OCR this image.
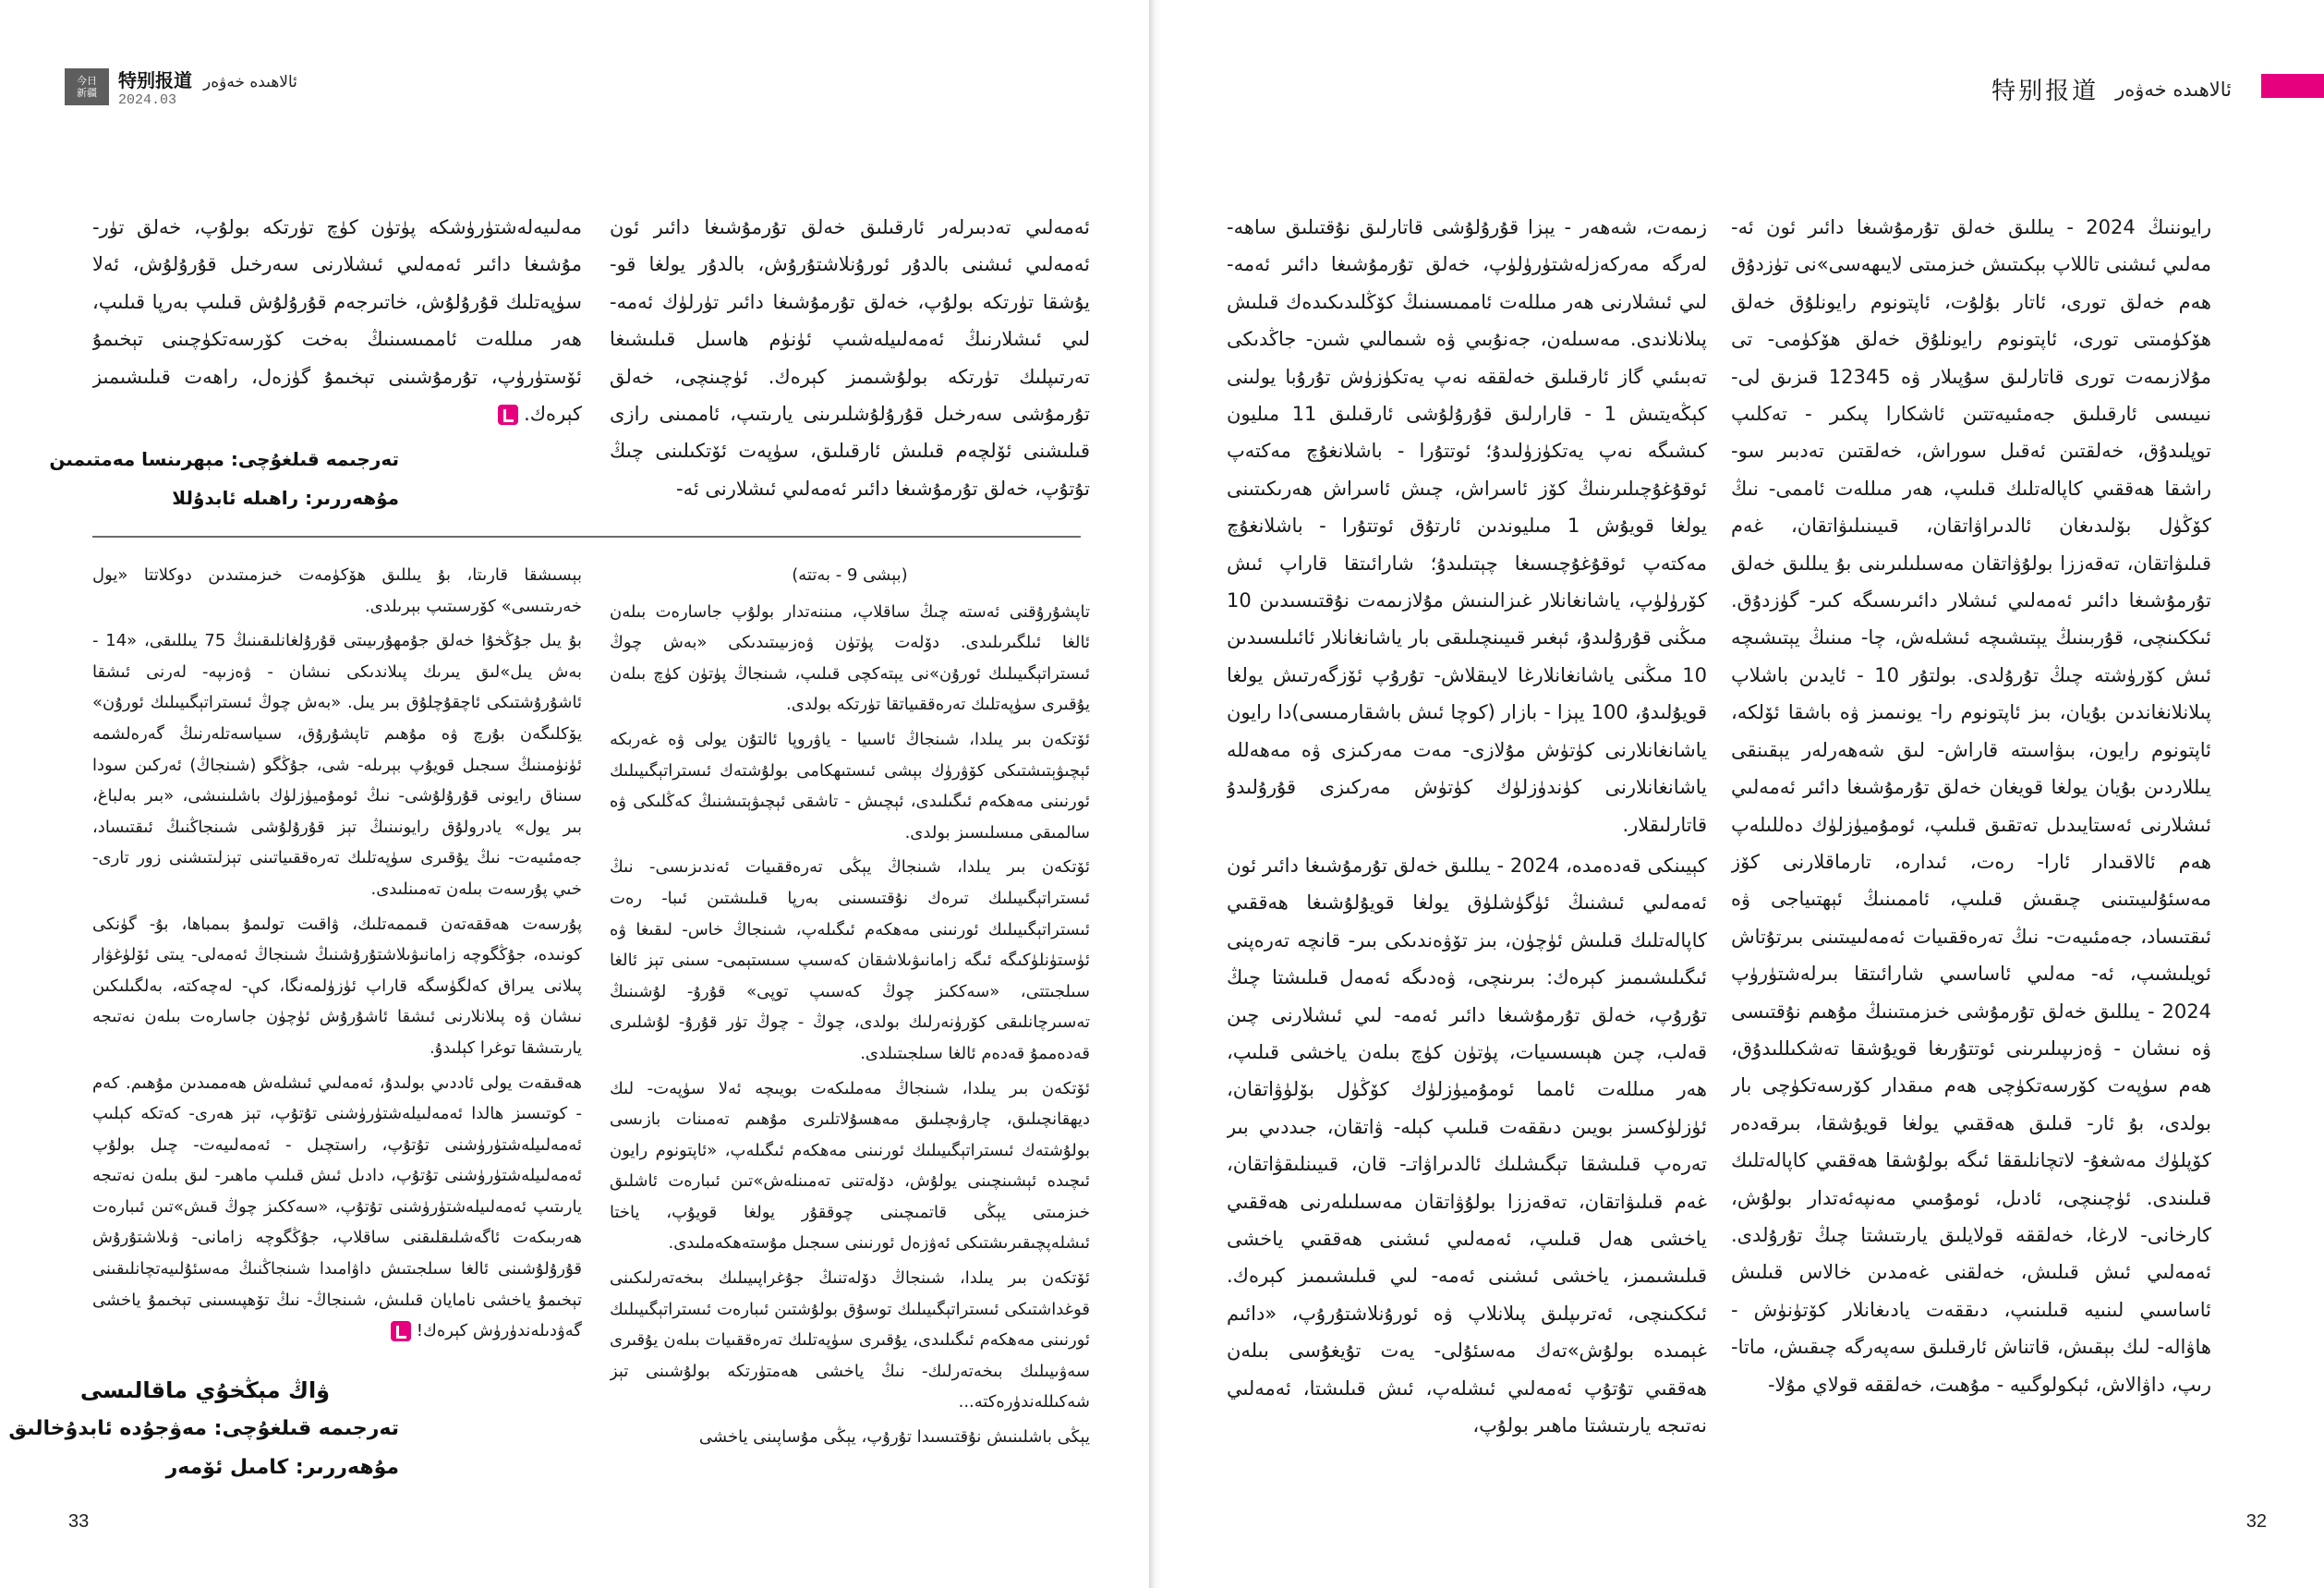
今日
新疆
特别报道 ئالاھىدە خەۋەر
2024.03

مەلىيەلەشتۈرۈشكە پۈتۈن كۈچ تۈرتكە بولۇپ، خەلق تۈر- مۇشىغا دائىر ئەمەلىي ئىشلارنى سەرخىل قۇرۇلۇش، ئەلا سۈپەتلىك قۇرۇلۇش، خاتىرجەم قۇرۇلۇش قىلىپ بەرپا قىلىپ، ھەر مىللەت ئاممىسىنىڭ بەخت كۆرسەتكۈچىنى تېخىمۇ ئۆستۈرۈپ، تۇرمۇشىنى تېخىمۇ گۈزەل، راھەت قىلىشىمىز كېرەك.

ئەمەلىي تەدبىرلەر ئارقىلىق خەلق تۇرمۇشىغا دائىر ئون ئەمەلىي ئىشنى بالدۇر ئورۇنلاشتۇرۇش، بالدۇر يولغا قو- يۇشقا تۈرتكە بولۇپ، خەلق تۇرمۇشىغا دائىر تۈرلۈك ئەمە- لىي ئىشلارنىڭ ئەمەلىيلەشىپ ئۈنۈم ھاسىل قىلىشىغا تەرتىپلىك تۈرتكە بولۇشىمىز كېرەك. ئۈچىنچى، خەلق تۇرمۇشى سەرخىل قۇرۇلۇشلىرىنى يارىتىپ، ئاممىنى رازى قىلىشنى ئۆلچەم قىلىش ئارقىلىق، سۈپەت ئۆتكىلىنى چىڭ تۇتۇپ، خەلق تۇرمۇشىغا دائىر ئەمەلىي ئىشلارنى ئە-

تەرجىمە قىلغۇچى: مېھرىنسا مەمتىمىن
مۇھەررىر: راھىلە ئابدۇللا

(بېشى 9 - بەتتە)

تاپشۇرۇقنى ئەستە چىڭ ساقلاپ، مىننەتدار بولۇپ جاسارەت بىلەن ئالغا ئىلگىرىلىدى. دۆلەت پۈتۈن ۋەزىيىتىدىكى «بەش چوڭ ئىستراتېگىيىلىك ئورۇن»نى يېتەكچى قىلىپ، شىنجاڭ پۈتۈن كۈچ بىلەن يۇقىرى سۈپەتلىك تەرەققىياتقا تۈرتكە بولدى.

ئۆتكەن بىر يىلدا، شىنجاڭ ئاسىيا - ياۋروپا ئالتۇن يولى ۋە غەربكە ئېچىۋېتىشتىكى كۆۋرۈك بېشى ئىستىھكامى بولۇشتەك ئىستراتېگىيىلىك ئورنىنى مەھكەم ئىگىلىدى، ئېچىش - تاشقى ئېچىۋېتىشنىڭ كەڭلىكى ۋە سالمىقى مىسلىسىز بولدى.

ئۆتكەن بىر يىلدا، شىنجاڭ يېڭى تەرەققىيات ئەندىزىسى- نىڭ ئىستراتېگىيىلىك تىرەك نۇقتىسىنى بەرپا قىلىشتىن ئىبا- رەت ئىستراتېگىيىلىك ئورنىنى مەھكەم ئىگىلەپ، شىنجاڭ خاس- لىقىغا ۋە ئۈستۈنلۈكىگە ئىگە زامانىۋىلاشقان كەسىپ سىستېمى- سىنى تېز ئالغا سىلجىتتى، «سەككىز چوڭ كەسىپ توپى» قۇرۇ- لۇشىنىڭ تەسىرچانلىقى كۆرۈنەرلىك بولدى، چوڭ - چوڭ تۈر قۇرۇ- لۇشلىرى قەدەممۇ قەدەم ئالغا سىلجىتىلدى.

ئۆتكەن بىر يىلدا، شىنجاڭ مەملىكەت بويىچە ئەلا سۈپەت- لىك ديھقانچىلىق، چارۋىچىلىق مەھسۇلاتلىرى مۇھىم تەمىنات بازىسى بولۇشتەك ئىستراتېگىيىلىك ئورنىنى مەھكەم ئىگىلەپ، «ئاپتونوم رايون ئىچىدە ئېشىنچىنى يولۇش، دۆلەتنى تەمىنلەش»تىن ئىبارەت ئاشلىق خىزمىتى يېڭى قاتمىچىنى چوققۇر يولغا قويۇپ، ياختا ئىشلەپچىقىرىشتىكى ئەۋزەل ئورنىنى سىجىل مۇستەھكەملىدى.

ئۆتكەن بىر يىلدا، شىنجاڭ دۆلەتنىڭ جۇغراپىيىلىك بىخەتەرلىكىنى قوغداشتىكى ئىستراتېگىيىلىك توسۇق بولۇشتىن ئىبارەت ئىستراتېگىيىلىك ئورنىنى مەھكەم ئىگىلىدى، يۇقىرى سۈپەتلىك تەرەققىيات بىلەن يۇقىرى سەۋىيىلىك بىخەتەرلىك- نىڭ ياخشى ھەمتۈرتكە بولۇشىنى تېز شەكىللەندۈرەكتە...

يېڭى باشلىنىش نۇقتىسىدا تۇرۇپ، يېڭى مۇساپىنى ياخشى

بېسىشقا قارىتا، بۇ يىللىق ھۆكۈمەت خىزمىتىدىن دوكلاتتا «يول خەرىتىسى» كۆرسىتىپ بېرىلدى.

بۇ يىل جۇڭخۇا خەلق جۇمھۇرىيىتى قۇرۇلغانلىقىنىڭ 75 يىللىقى، «14 - بەش يىل»لىق يىرىك پىلاندىكى نىشان - ۋەزىپە- لەرنى ئىشقا ئاشۇرۇشتىكى ئاچقۇچلۇق بىر يىل. «بەش چوڭ ئىستراتېگىيىلىك ئورۇن» يۆكلىگەن بۇرچ ۋە مۇھىم تاپشۇرۇق، سىياسەتلەرنىڭ گەرەلشمە ئۈنۈمىنىڭ سىجىل قويۇپ بېرىلە- شى، جۇڭگو (شىنجاڭ) ئەركىن سودا سىناق رايونى قۇرۇلۇشى- نىڭ ئومۇميۈزلۈك باشلىنىشى، «بىر بەلباغ، بىر يول» يادرولۇق رايونىنىڭ تېز قۇرۇلۇشى شىنجاڭنىڭ ئىقتىساد، جەمئىيەت- نىڭ يۇقىرى سۈپەتلىك تەرەققىياتىنى تېزلىتىشنى زور تارى- خىي پۇرسەت بىلەن تەمىنلىدى.

پۇرسەت ھەققەتەن قىممەتلىك، ۋاقىت تولىمۇ بىمباھا، بۇ- گۈنكى كونىدە، جۇڭگوچە زامانىۋىلاشتۇرۇشنىڭ شىنجاڭ ئەمەلى- يىتى ئۆلۈغۋار پىلانى يىراق كەلگۈسگە قاراپ ئۈزۈلمەنگا، كې- لەچەكتە، بەلگىلىكىن نىشان ۋە پىلانلارنى ئىشقا ئاشۇرۇش ئۈچۈن جاسارەت بىلەن نەتىجە يارىتىشقا توغرا كېلىدۇ.

ھەقىقەت يولى ئاددىي بولىدۇ، ئەمەلىي ئىشلەش ھەممىدىن مۇھىم. كەم - كوتىسىز ھالدا ئەمەلىيلەشتۈرۈشنى تۇتۇپ، تېز ھەرى- كەتكە كېلىپ ئەمەلىيلەشتۈرۈشنى تۇتۇپ، راستچىل - ئەمەلىيەت- چىل بولۇپ ئەمەلىيلەشتۈرۈشنى تۇتۇپ، دادىل ئىش قىلىپ ماھىر- لىق بىلەن نەتىجە يارىتىپ ئەمەلىيلەشتۈرۈشنى تۇتۇپ، «سەككىز چوڭ قىش»تىن ئىبارەت ھەربىكەت ئاگەشلىقلىقنى ساقلاپ، جۇڭگوچە زامانى- ۋىلاشتۇرۇش قۇرۇلۇشىنى ئالغا سىلجىتىش داۋامىدا شىنجاڭنىڭ مەسئۇلىيەتچانلىقىنى تېخىمۇ ياخشى نامايان قىلىش، شىنجاڭ- نىڭ تۆھپىسىنى تېخىمۇ ياخشى گەۋدىلەندۈرۈش كېرەك!

ۋاڭ مېڭخۇي ماقالىسى
تەرجىمە قىلغۇچى: مەۋجۇدە ئابدۇخالىق
مۇھەررىر: كامىل ئۆمەر
33
特别报道 ئالاھىدە خەۋەر

رايوننىڭ 2024 - يىللىق خەلق تۇرمۇشىغا دائىر ئون ئە- مەلىي ئىشنى تاللاپ بېكىتىش خىزمىتى لايىھەسى»نى تۈزدۇق ھەم خەلق تورى، ئاتار بۇلۇت، ئاپتونوم رايونلۇق خەلق ھۆكۈمىتى تورى، ئاپتونوم رايونلۇق خەلق ھۆكۈمى- تى مۇلازىمەت تورى قاتارلىق سۇپىلار ۋە 12345 قىزىق لى- نىيىسى ئارقىلىق جەمئىيەتتىن ئاشكارا پىكىر - تەكلىپ توپلىدۇق، خەلقتىن ئەقىل سوراش، خەلقتىن تەدبىر سو- راشقا ھەققىي كاپالەتلىك قىلىپ، ھەر مىللەت ئاممى- نىڭ كۆڭۈل بۆلىدىغان ئالدىراۋاتقان، قىيىنىلىۋاتقان، غەم قىلىۋاتقان، تەقەززا بولۇۋاتقان مەسىلىلىرىنى بۇ يىللىق خەلق تۇرمۇشىغا دائىر ئەمەلىي ئىشلار دائىرىسىگە كىر- گۈزدۇق. ئىككىنچى، قۇربىنىڭ يېتىشىچە ئىشلەش، چا- مىنىڭ يېتىشىچە ئىش كۆرۈشتە چىڭ تۇرۇلدى. بولتۇر 10 - ئايدىن باشلاپ پىلانلانغاندىن بۇيان، بىز ئاپتونوم را- يونىمىز ۋە باشقا ئۆلكە، ئاپتونوم رايون، بىۋاسىتە قاراش- لىق شەھەرلەر يېقىنقى يىللاردىن بۇيان يولغا قويغان خەلق تۇرمۇشىغا دائىر ئەمەلىي ئىشلارنى ئەستايىدىل تەتقىق قىلىپ، ئومۇميۈزلۈك دەللىلەپ ھەم ئالاقىدار ئارا- رەت، ئىدارە، تارماقلارنى كۆز مەسئۇلىيىتىنى چىقىش قىلىپ، ئاممىنىڭ ئېھتىياجى ۋە ئىقتىساد، جەمئىيەت- نىڭ تەرەققىيات ئەمەلىيىتىنى بىرتۇتاش ئويلىشىپ، ئە- مەلىي ئاساسىي شارائىتقا بىرلەشتۈرۈپ 2024 - يىللىق خەلق تۇرمۇشى خىزمىتىنىڭ مۇھىم نۇقتىسى ۋە نىشان - ۋەزىپىلىرىنى ئوتتۇرىغا قويۇشقا تەشكىللىدۇق، ھەم سۈپەت كۆرسەتكۈچى ھەم مىقدار كۆرسەتكۈچى بار بولدى، بۇ ئار- قىلىق ھەققىي يولغا قويۇشقا، بىرقەدەر كۆپلۈك مەشغۇ- لاتچانلىققا ئىگە بولۇشقا ھەققىي كاپالەتلىك قىلىندى. ئۈچىنچى، ئادىل، ئومۇمىي مەنپەئەتدار بولۇش، كارخانى- لارغا، خەلققە قولايلىق يارىتىشتا چىڭ تۇرۇلدى. ئەمەلىي ئىش قىلىش، خەلقنى غەمدىن خالاس قىلىش ئاساسىي لىنىيە قىلىنىپ، دىققەت يادىغانلار كۆتۈنۈش - ھاۋالە- لىك بېقىش، قاتناش ئارقىلىق سەپەرگە چىقىش، ماتا- رىپ، داۋالاش، ئېكولوگىيە - مۇھىت، خەلققە قولاي مۇلا-

زىمەت، شەھەر - يېزا قۇرۇلۇشى قاتارلىق نۇقتىلىق ساھە- لەرگە مەركەزلەشتۈرۈلۈپ، خەلق تۇرمۇشىغا دائىر ئەمە- لىي ئىشلارنى ھەر مىللەت ئاممىسىنىڭ كۆڭلىدىكىدەك قىلىش پىلانلاندى. مەسىلەن، جەنۇبىي ۋە شىمالىي شىن- جاڭدىكى تەبىئىي گاز ئارقىلىق خەلققە نەپ يەتكۈزۈش تۇرۇبا يولىنى كېڭەيتىش 1 - قارارلىق قۇرۇلۇشى ئارقىلىق 11 مىليون كىشىگە نەپ يەتكۈزۈلىدۇ؛ ئوتتۇرا - باشلانغۇچ مەكتەپ ئوقۇغۇچىلىرىنىڭ كۆز ئاسراش، چىش ئاسراش ھەرىكىتىنى يولغا قويۇش 1 مىليوندىن ئارتۇق ئوتتۇرا - باشلانغۇچ مەكتەپ ئوقۇغۇچىسىغا چېتىلىدۇ؛ شارائىتقا قاراپ ئىش كۆرۈلۈپ، ياشانغانلار غىزالىنىش مۇلازىمەت نۇقتىسىدىن 10 مىڭنى قۇرۇلىدۇ، ئېغىر قىيىنچىلىقى بار ياشانغانلار ئائىلىسىدىن 10 مىڭنى ياشانغانلارغا لايىقلاش- تۇرۇپ ئۆزگەرتىش يولغا قويۇلىدۇ، 100 يېزا - بازار (كوچا ئىش باشقارمىسى)دا رايون ياشانغانلارنى كۈتۈش مۇلازى- مەت مەركىزى ۋە مەھەللە ياشانغانلارنى كۈندۈزلۈك كۈتۈش مەركىزى قۇرۇلىدۇ قاتارلىقلار.

كېيىنكى قەدەمدە، 2024 - يىللىق خەلق تۇرمۇشىغا دائىر ئون ئەمەلىي ئىشنىڭ ئۈگۈشلۈق يولغا قويۇلۇشىغا ھەققىي كاپالەتلىك قىلىش ئۈچۈن، بىز تۆۋەندىكى بىر- قانچە تەرەپنى ئىگىلىشىمىز كېرەك: بىرىنچى، ۋەدىگە ئەمەل قىلىشتا چىڭ تۇرۇپ، خەلق تۇرمۇشىغا دائىر ئەمە- لىي ئىشلارنى چىن قەلب، چىن ھېسسىيات، پۈتۈن كۈچ بىلەن ياخشى قىلىپ، ھەر مىللەت ئامما ئومۇميۈزلۈك كۆڭۈل بۆلۈۋاتقان، ئۈزلۈكسىز بويىن دىققەت قىلىپ كېلە- ۋاتقان، جىددىي بىر تەرەپ قىلىشقا تېگىشلىك ئالدىراۋاتـ- قان، قىيىنلىقۋاتقان، غەم قىلىۋاتقان، تەقەززا بولۇۋاتقان مەسىلىلەرنى ھەققىي ياخشى ھەل قىلىپ، ئەمەلىي ئىشنى ھەققىي ياخشى قىلىشىمىز، ياخشى ئىشنى ئەمە- لىي قىلىشىمىز كېرەك. ئىككىنچى، ئەترىپلىق پىلانلاپ ۋە ئورۇنلاشتۇرۇپ، «دائىم غېمىدە بولۇش»تەك مەسئۇلى- يەت تۇيغۇسى بىلەن ھەققىي تۇتۇپ ئەمەلىي ئىشلەپ، ئىش قىلىشتا، ئەمەلىي نەتىجە يارىتىشتا ماھىر بولۇپ،

32
